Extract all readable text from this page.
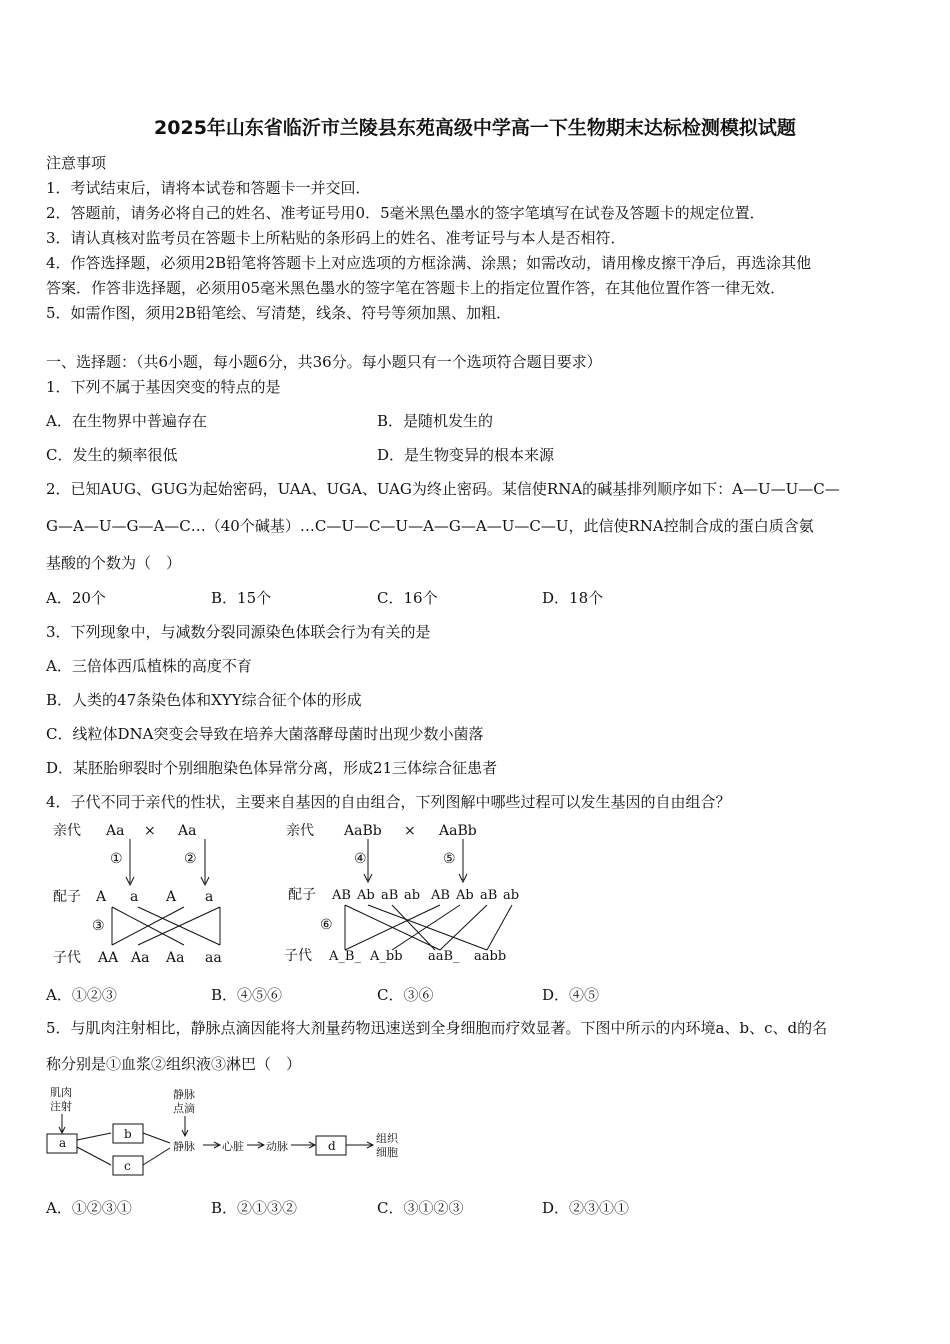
2025年山东省临沂市兰陵县东苑高级中学高一下生物期末达标检测模拟试题
注意事项
1．考试结束后，请将本试卷和答题卡一并交回．
2．答题前，请务必将自己的姓名、准考证号用0．5毫米黑色墨水的签字笔填写在试卷及答题卡的规定位置．
3．请认真核对监考员在答题卡上所粘贴的条形码上的姓名、准考证号与本人是否相符．
4．作答选择题，必须用2B铅笔将答题卡上对应选项的方框涂满、涂黑；如需改动，请用橡皮擦干净后，再选涂其他
答案．作答非选择题，必须用05毫米黑色墨水的签字笔在答题卡上的指定位置作答，在其他位置作答一律无效．
5．如需作图，须用2B铅笔绘、写清楚，线条、符号等须加黑、加粗．
一、选择题：（共6小题，每小题6分，共36分。每小题只有一个选项符合题目要求）
1．下列不属于基因突变的特点的是
A．在生物界中普遍存在	B．是随机发生的
C．发生的频率很低	D．是生物变异的根本来源
2．已知AUG、GUG为起始密码，UAA、UGA、UAG为终止密码。某信使RNA的碱基排列顺序如下：A—U—U—C—
G—A—U—G—A—C…（40个碱基）…C—U—C—U—A—G—A—U—C—U，此信使RNA控制合成的蛋白质含氨
基酸的个数为（　）
A．20个	B．15个	C．16个	D．18个
3．下列现象中，与减数分裂同源染色体联会行为有关的是
A．三倍体西瓜植株的高度不育
B．人类的47条染色体和XYY综合征个体的形成
C．线粒体DNA突变会导致在培养大菌落酵母菌时出现少数小菌落
D．某胚胎卵裂时个别细胞染色体异常分离，形成21三体综合征患者
4．子代不同于亲代的性状，主要来自基因的自由组合，下列图解中哪些过程可以发生基因的自由组合？
亲代 Aa × Aa
①	②
配子 A a A a
③
子代 AA Aa Aa aa
亲代 AaBb × AaBb
④	⑤
配子 AB Ab aB ab AB Ab aB ab
⑥
子代 A_B_ A_bb aaB_ aabb
A．①②③	B．④⑤⑥	C．③⑥	D．④⑤
5．与肌肉注射相比，静脉点滴因能将大剂量药物迅速送到全身细胞而疗效显著。下图中所示的内环境a、b、c、d的名
称分别是①血浆②组织液③淋巴（　）
肌肉
注射
静脉
点滴
a
b
c
静脉 心脏 动脉	d
组织
细胞
A．①②③①	B．②①③②	C．③①②③	D．②③①①
